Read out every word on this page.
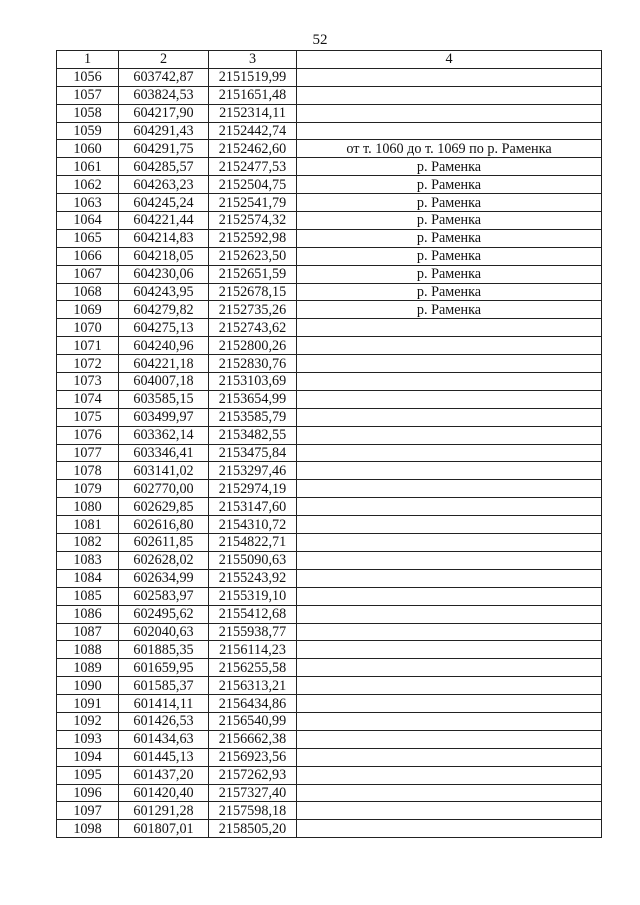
52
1	2	3	4
1056	603742,87	2151519,99	
1057	603824,53	2151651,48	
1058	604217,90	2152314,11	
1059	604291,43	2152442,74	
1060	604291,75	2152462,60	от т. 1060 до т. 1069 по р. Раменка
1061	604285,57	2152477,53	р. Раменка
1062	604263,23	2152504,75	р. Раменка
1063	604245,24	2152541,79	р. Раменка
1064	604221,44	2152574,32	р. Раменка
1065	604214,83	2152592,98	р. Раменка
1066	604218,05	2152623,50	р. Раменка
1067	604230,06	2152651,59	р. Раменка
1068	604243,95	2152678,15	р. Раменка
1069	604279,82	2152735,26	р. Раменка
1070	604275,13	2152743,62	
1071	604240,96	2152800,26	
1072	604221,18	2152830,76	
1073	604007,18	2153103,69	
1074	603585,15	2153654,99	
1075	603499,97	2153585,79	
1076	603362,14	2153482,55	
1077	603346,41	2153475,84	
1078	603141,02	2153297,46	
1079	602770,00	2152974,19	
1080	602629,85	2153147,60	
1081	602616,80	2154310,72	
1082	602611,85	2154822,71	
1083	602628,02	2155090,63	
1084	602634,99	2155243,92	
1085	602583,97	2155319,10	
1086	602495,62	2155412,68	
1087	602040,63	2155938,77	
1088	601885,35	2156114,23	
1089	601659,95	2156255,58	
1090	601585,37	2156313,21	
1091	601414,11	2156434,86	
1092	601426,53	2156540,99	
1093	601434,63	2156662,38	
1094	601445,13	2156923,56	
1095	601437,20	2157262,93	
1096	601420,40	2157327,40	
1097	601291,28	2157598,18	
1098	601807,01	2158505,20	
